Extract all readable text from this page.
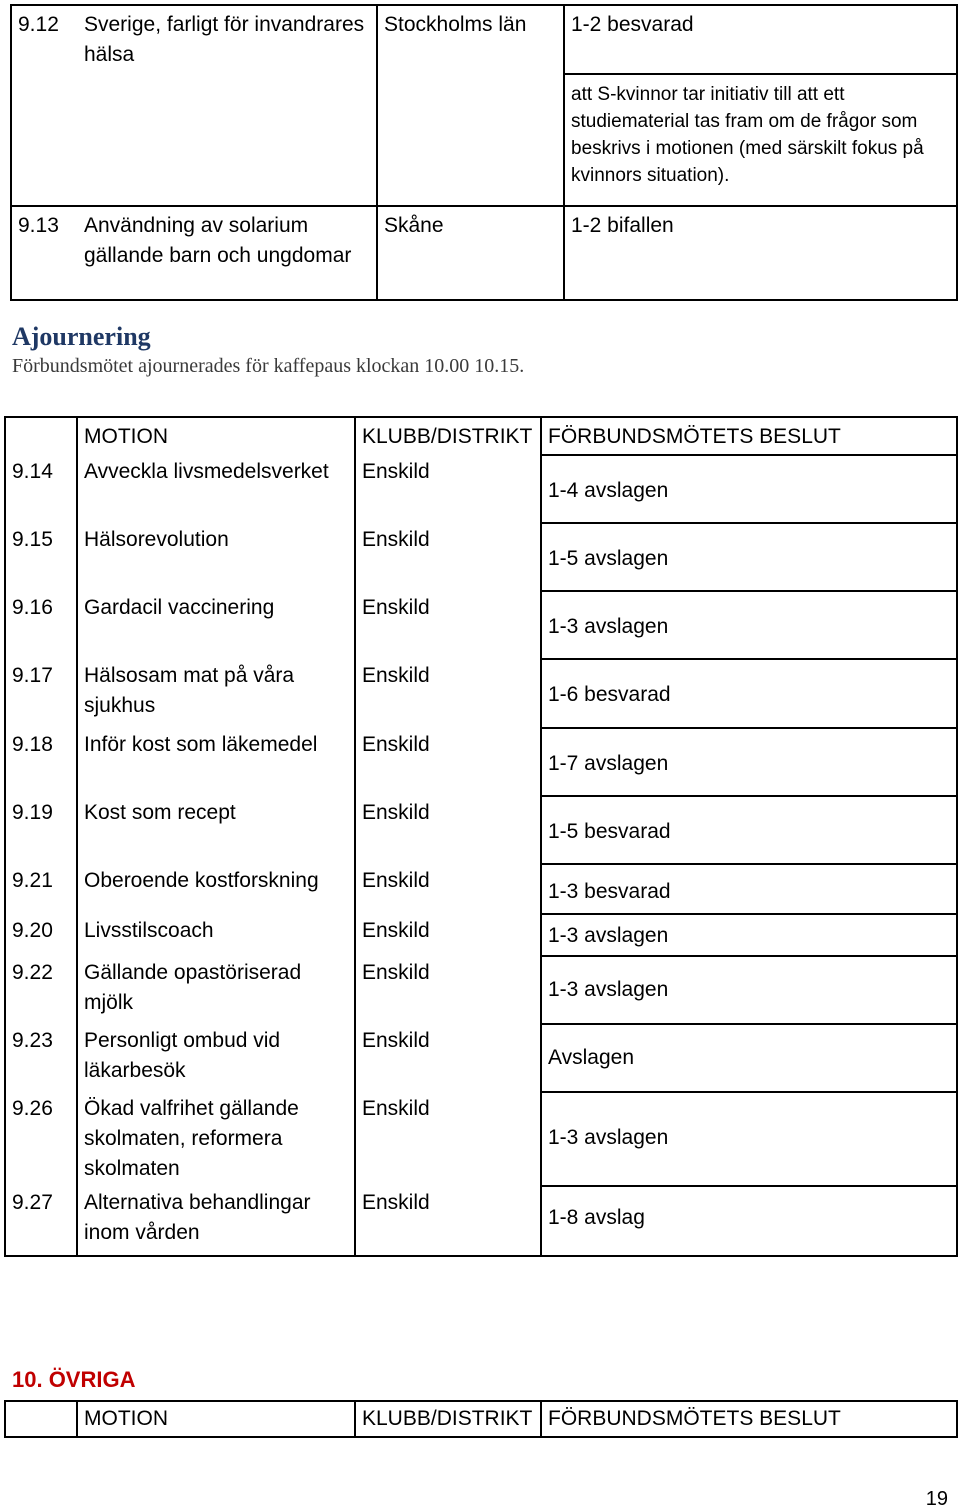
9.12 Sverige, farligt för invandrares hälsa	Stockholms län	1-2 besvarad

		att S-kvinnor tar initiativ till att ett studiematerial tas fram om de frågor som beskrivs i motionen (med särskilt fokus på kvinnors situation).

9.13 Användning av solarium gällande barn och ungdomar	Skåne	1-2 bifallen
Ajournering
Förbundsmötet ajournerades för kaffepaus klockan 10.00 10.15.

	MOTION	KLUBB/DISTRIKT	FÖRBUNDSMÖTETS BESLUT

9.14	Avveckla livsmedelsverket	Enskild	1-4 avslagen

9.15	Hälsorevolution	Enskild	1-5 avslagen

9.16	Gardacil vaccinering	Enskild	1-3 avslagen

9.17	Hälsosam mat på våra sjukhus	Enskild	1-6 besvarad

9.18	Inför kost som läkemedel	Enskild	1-7 avslagen

9.19	Kost som recept	Enskild	1-5 besvarad

9.21	Oberoende kostforskning	Enskild	1-3 besvarad

9.20	Livsstilscoach	Enskild	1-3 avslagen

9.22	Gällande opastöriserad mjölk	Enskild	1-3 avslagen

9.23	Personligt ombud vid läkarbesök	Enskild	Avslagen

9.26	Ökad valfrihet gällande skolmaten, reformera skolmaten	Enskild	1-3 avslagen

9.27	Alternativa behandlingar inom vården	Enskild	1-8 avslag
10. ÖVRIGA

MOTION	KLUBB/DISTRIKT	FÖRBUNDSMÖTETS BESLUT
19
